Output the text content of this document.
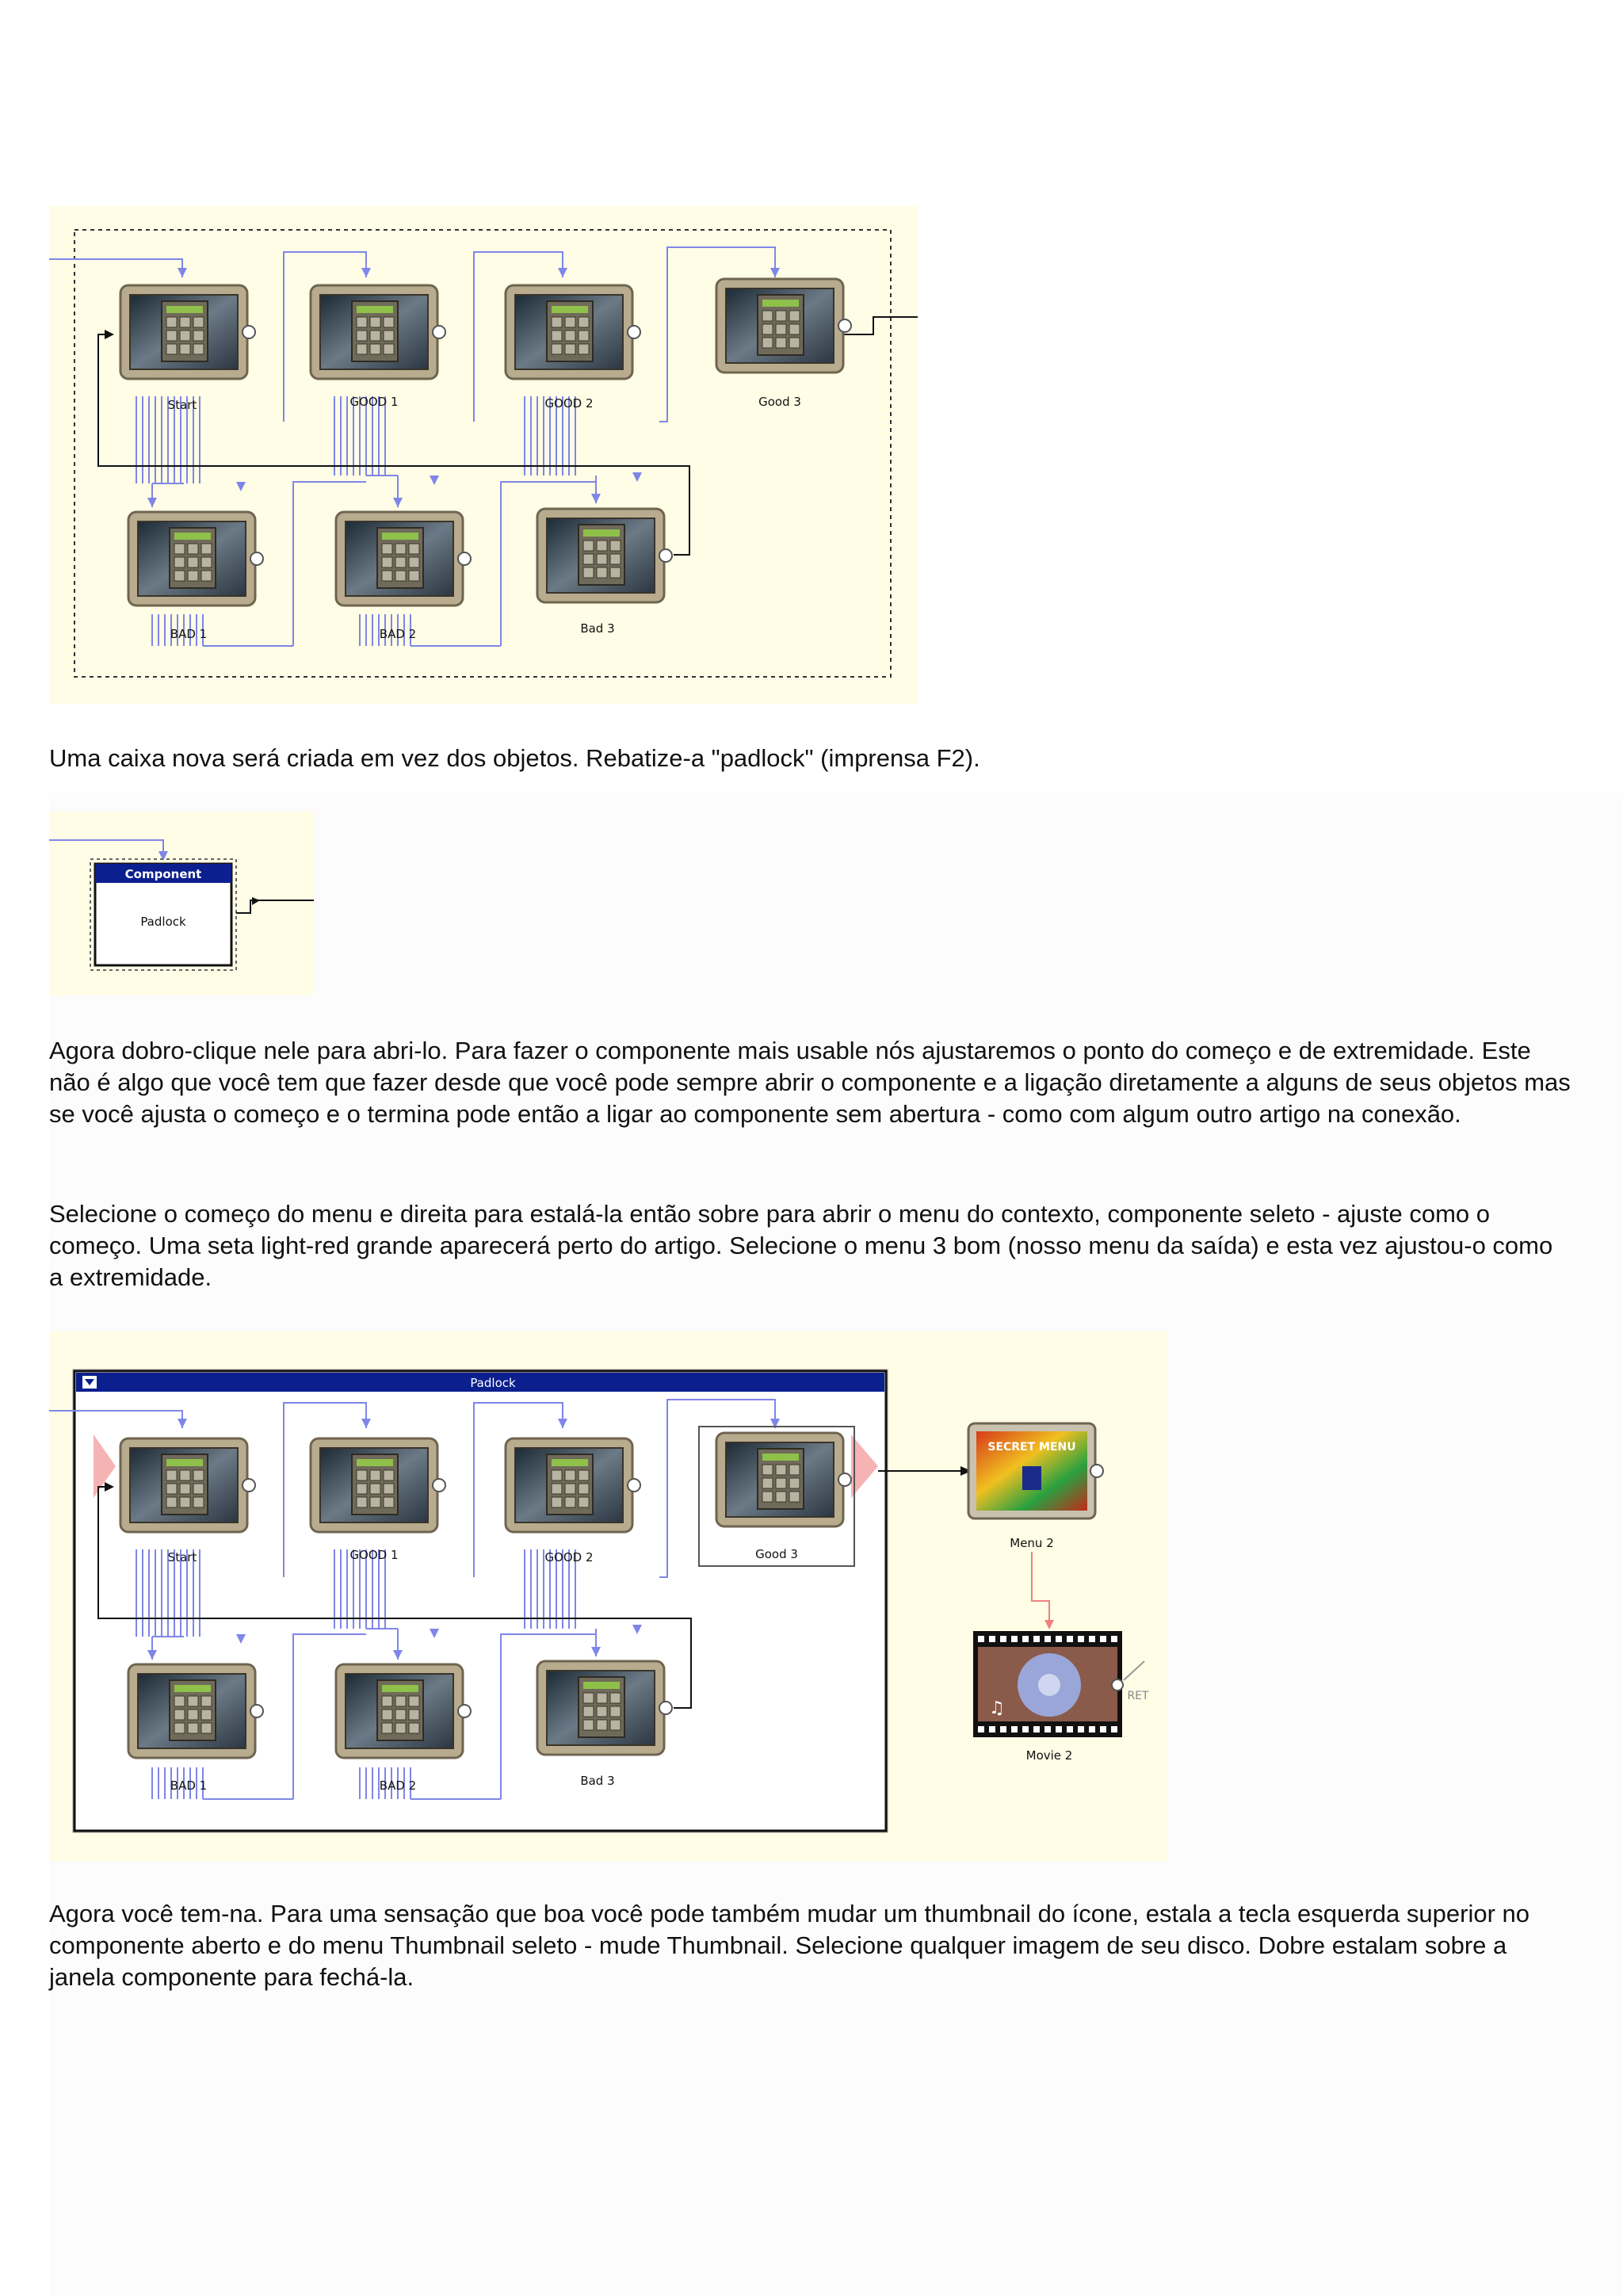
Start	GOOD 1	GOOD 2	Good 3
BAD 1	BAD 2	Bad 3

Uma caixa nova será criada em vez dos objetos. Rebatize-a "padlock" (imprensa F2).

Component
Padlock

Agora dobro-clique nele para abri-lo. Para fazer o componente mais usable nós ajustaremos o ponto do começo e de extremidade. Este não é algo que você tem que fazer desde que você pode sempre abrir o componente e a ligação diretamente a alguns de seus objetos mas se você ajusta o começo e o termina pode então a ligar ao componente sem abertura - como com algum outro artigo na conexão.

Selecione o começo do menu e direita para estalá-la então sobre para abrir o menu do contexto, componente seleto - ajuste como o começo. Uma seta light-red grande aparecerá perto do artigo. Selecione o menu 3 bom (nosso menu da saída) e esta vez ajustou-o como a extremidade.

Padlock
Start	GOOD 1	GOOD 2	Good 3
BAD 1	BAD 2	Bad 3
SECRET MENU
Menu 2
♫
RET
Movie 2

Agora você tem-na. Para uma sensação que boa você pode também mudar um thumbnail do ícone, estala a tecla esquerda superior no componente aberto e do menu Thumbnail seleto - mude Thumbnail. Selecione qualquer imagem de seu disco. Dobre estalam sobre a janela componente para fechá-la.
